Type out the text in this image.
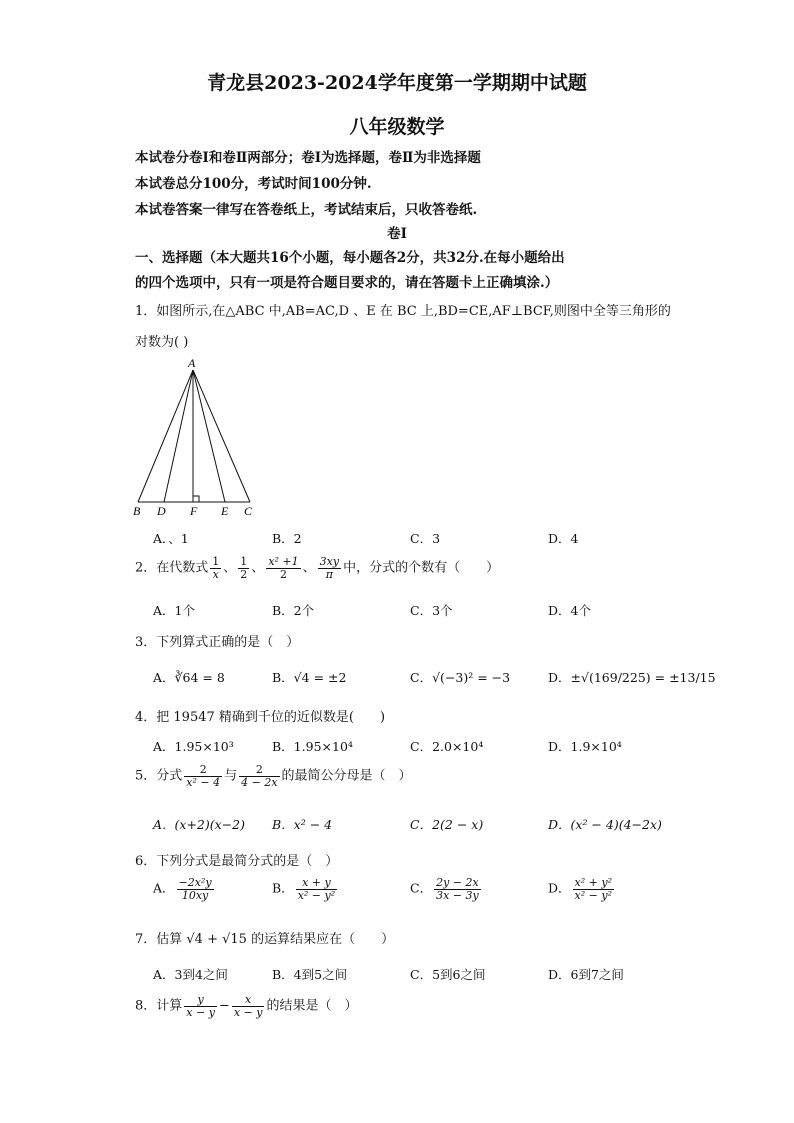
青龙县2023-2024学年度第一学期期中试题
八年级数学
本试卷分卷Ⅰ和卷Ⅱ两部分；卷Ⅰ为选择题，卷Ⅱ为非选择题
本试卷总分100分，考试时间100分钟.
本试卷答案一律写在答卷纸上，考试结束后，只收答卷纸.
卷Ⅰ
一、选择题（本大题共16个小题，每小题各2分，共32分.在每小题给出
的四个选项中，只有一项是符合题目要求的，请在答题卡上正确填涂.）
1．如图所示,在△ABC 中,AB=AC,D 、E 在 BC 上,BD=CE,AF⊥BCF,则图中全等三角形的
对数为( )
A
B D F E C
A．、1	B．2	C．3	D．4
2．在代数式 $\frac{1}{x}$ 、 $\frac{1}{2}$ 、 $\frac{\text{x² +1}}{2}$ 、 $\frac{3xy}{\pi}$ 中，分式的个数有（　　）
A．1个	B．2个	C．3个	D．4个
3．下列算式正确的是（　）
A．∛64 = 8	B．√4 = ±2	C．√(−3)² = −3	D．±√(169/225) = ±13/15
4．把 19547 精确到千位的近似数是(　　)
A．1.95×10³	B．1.95×10⁴	C．2.0×10⁴	D．1.9×10⁴
5．分式 $\frac{2}{\text{x² − 4}}$ 与 $\frac{2}{4 - 2x}$ 的最简公分母是（　）
A．(x+2)(x−2) B．x² − 4	C．2(2 − x)	D．(x² − 4)(4−2x)
6．下列分式是最简分式的是（　）
A． $\frac{\text{−2x²y}}{10xy}$	B． $\frac{x + y}{\text{x² − y²}}$	C． $\frac{2y - 2x}{3x - 3y}$	D． $\frac{\text{x² + y²}}{\text{x² − y²}}$
7．估算 √4 + √15 的运算结果应在（　　）
A．3到4之间	B．4到5之间	C．5到6之间	D．6到7之间
8．计算 $\frac{y}{x - y} - \frac{x}{x - y}$ 的结果是（　）
